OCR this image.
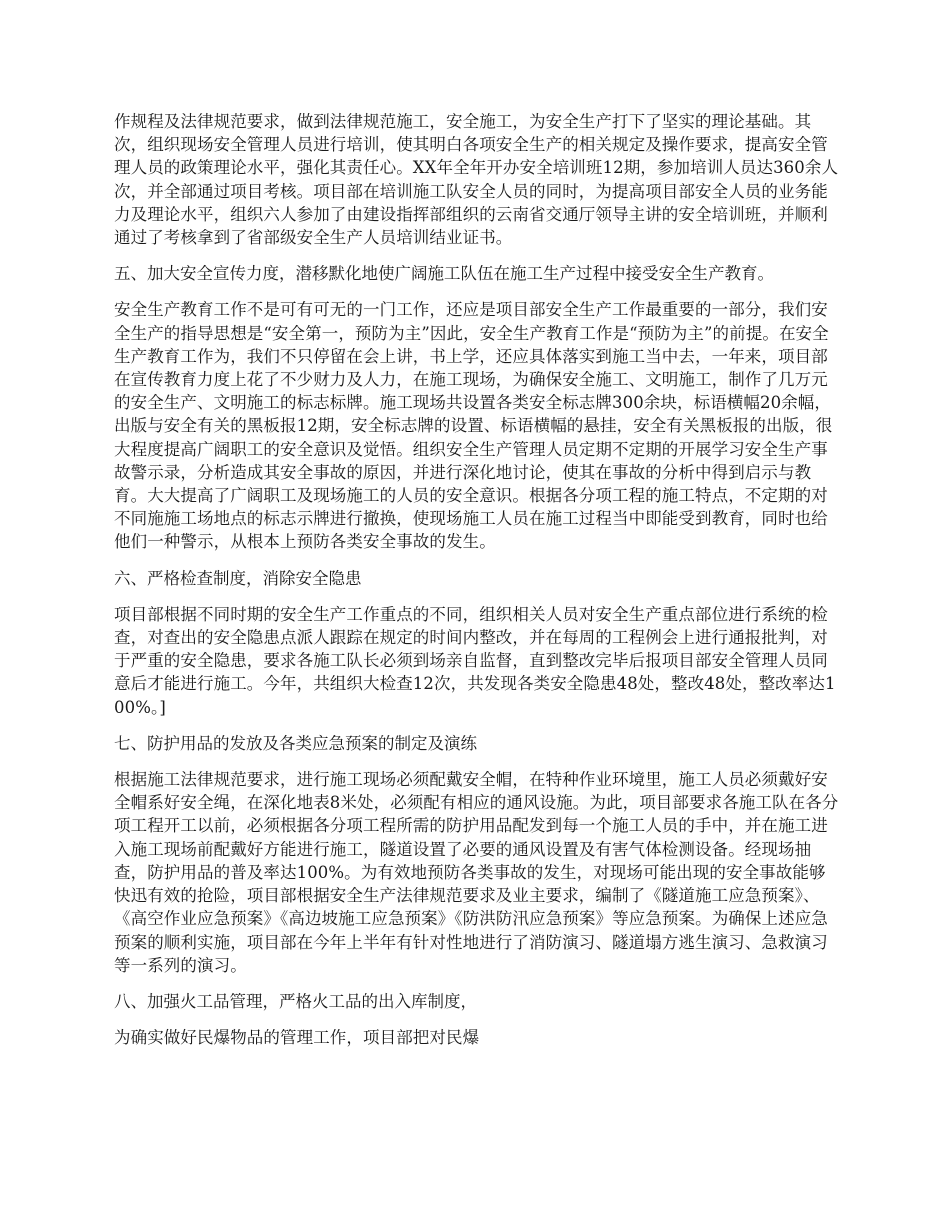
作规程及法律规范要求，做到法律规范施工，安全施工，为安全生产打下了坚实的理论基础。其次，组织现场安全管理人员进行培训，使其明白各项安全生产的相关规定及操作要求，提高安全管理人员的政策理论水平，强化其责任心。XX年全年开办安全培训班12期，参加培训人员达360余人次，并全部通过项目考核。项目部在培训施工队安全人员的同时，为提高项目部安全人员的业务能力及理论水平，组织六人参加了由建设指挥部组织的云南省交通厅领导主讲的安全培训班，并顺利通过了考核拿到了省部级安全生产人员培训结业证书。

五、加大安全宣传力度，潜移默化地使广阔施工队伍在施工生产过程中接受安全生产教育。

安全生产教育工作不是可有可无的一门工作，还应是项目部安全生产工作最重要的一部分，我们安全生产的指导思想是“安全第一，预防为主”因此，安全生产教育工作是“预防为主”的前提。在安全生产教育工作为，我们不只停留在会上讲，书上学，还应具体落实到施工当中去，一年来，项目部在宣传教育力度上花了不少财力及人力，在施工现场，为确保安全施工、文明施工，制作了几万元的安全生产、文明施工的标志标牌。施工现场共设置各类安全标志牌300余块，标语横幅20余幅，出版与安全有关的黑板报12期，安全标志牌的设置、标语横幅的悬挂，安全有关黑板报的出版，很大程度提高广阔职工的安全意识及觉悟。组织安全生产管理人员定期不定期的开展学习安全生产事故警示录，分析造成其安全事故的原因，并进行深化地讨论，使其在事故的分析中得到启示与教育。大大提高了广阔职工及现场施工的人员的安全意识。根据各分项工程的施工特点，不定期的对不同施施工场地点的标志示牌进行撤换，使现场施工人员在施工过程当中即能受到教育，同时也给他们一种警示，从根本上预防各类安全事故的发生。

六、严格检查制度，消除安全隐患

项目部根据不同时期的安全生产工作重点的不同，组织相关人员对安全生产重点部位进行系统的检查，对查出的安全隐患点派人跟踪在规定的时间内整改，并在每周的工程例会上进行通报批判，对于严重的安全隐患，要求各施工队长必须到场亲自监督，直到整改完毕后报项目部安全管理人员同意后才能进行施工。今年，共组织大检查12次，共发现各类安全隐患48处，整改48处，整改率达100%。]

七、防护用品的发放及各类应急预案的制定及演练

根据施工法律规范要求，进行施工现场必须配戴安全帽，在特种作业环境里，施工人员必须戴好安全帽系好安全绳，在深化地表8米处，必须配有相应的通风设施。为此，项目部要求各施工队在各分项工程开工以前，必须根据各分项工程所需的防护用品配发到每一个施工人员的手中，并在施工进入施工现场前配戴好方能进行施工，隧道设置了必要的通风设置及有害气体检测设备。经现场抽查，防护用品的普及率达100%。为有效地预防各类事故的发生，对现场可能出现的安全事故能够快迅有效的抢险，项目部根据安全生产法律规范要求及业主要求，编制了《隧道施工应急预案》、《高空作业应急预案》《高边坡施工应急预案》《防洪防汛应急预案》等应急预案。为确保上述应急预案的顺利实施，项目部在今年上半年有针对性地进行了消防演习、隧道塌方逃生演习、急救演习等一系列的演习。

八、加强火工品管理，严格火工品的出入库制度，

为确实做好民爆物品的管理工作，项目部把对民爆
